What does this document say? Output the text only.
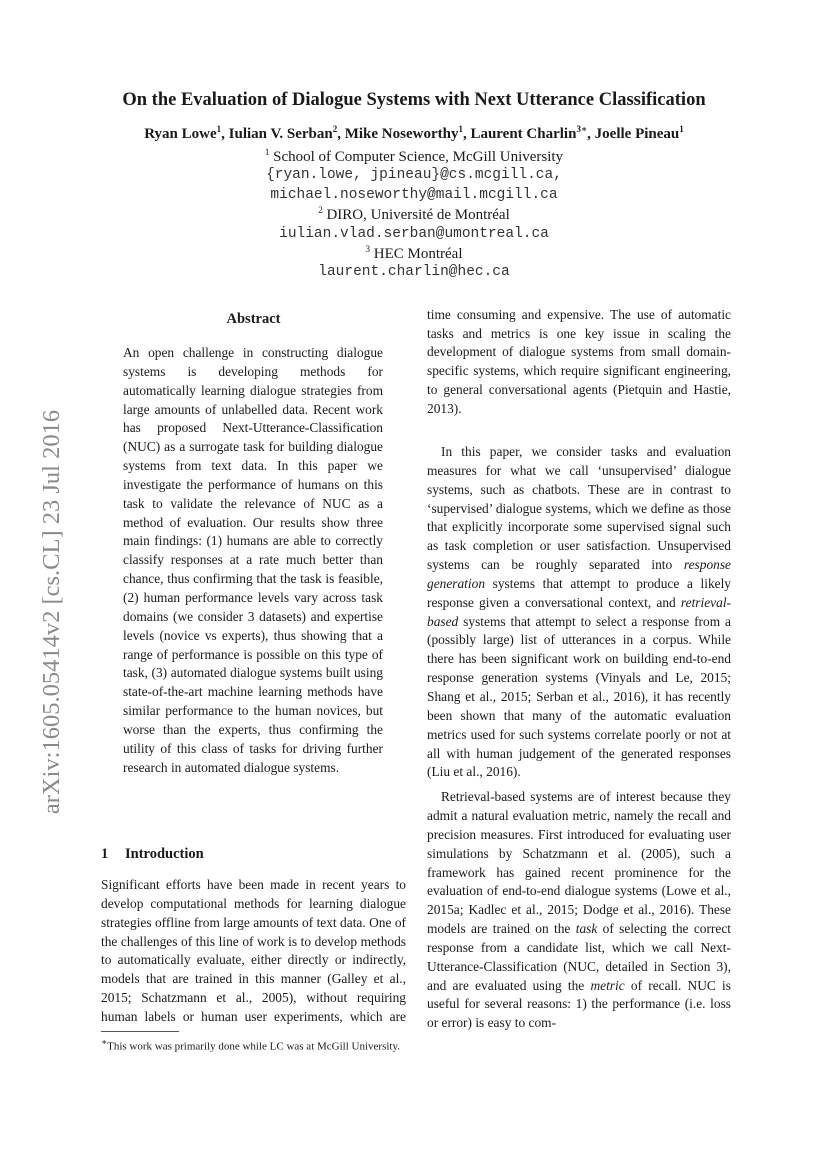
arXiv:1605.05414v2 [cs.CL] 23 Jul 2016
On the Evaluation of Dialogue Systems with Next Utterance Classification
Ryan Lowe$^1$, Iulian V. Serban$^2$, Mike Noseworthy$^1$, Laurent Charlin$^{3∗}$, Joelle Pineau$^1$
$^1$ School of Computer Science, McGill University
{ryan.lowe, jpineau}@cs.mcgill.ca,
michael.noseworthy@mail.mcgill.ca
$^2$ DIRO, Université de Montréal
iulian.vlad.serban@umontreal.ca
$^3$ HEC Montréal
laurent.charlin@hec.ca
Abstract
An open challenge in constructing dialogue systems is developing methods for automatically learning dialogue strategies from large amounts of unlabelled data. Recent work has proposed Next-Utterance-Classification (NUC) as a surrogate task for building dialogue systems from text data. In this paper we investigate the performance of humans on this task to validate the relevance of NUC as a method of evaluation. Our results show three main findings: (1) humans are able to correctly classify responses at a rate much better than chance, thus confirming that the task is feasible, (2) human performance levels vary across task domains (we consider 3 datasets) and expertise levels (novice vs experts), thus showing that a range of performance is possible on this type of task, (3) automated dialogue systems built using state-of-the-art machine learning methods have similar performance to the human novices, but worse than the experts, thus confirming the utility of this class of tasks for driving further research in automated dialogue systems.
1 Introduction

Significant efforts have been made in recent years to develop computational methods for learning dialogue strategies offline from large amounts of text data. One of the challenges of this line of work is to develop methods to automatically evaluate, either directly or indirectly, models that are trained in this manner (Galley et al., 2015; Schatzmann et al., 2005), without requiring human labels or human user experiments, which are

∗This work was primarily done while LC was at McGill University.

time consuming and expensive. The use of automatic tasks and metrics is one key issue in scaling the development of dialogue systems from small domain-specific systems, which require significant engineering, to general conversational agents (Pietquin and Hastie, 2013).

In this paper, we consider tasks and evaluation measures for what we call ‘unsupervised’ dialogue systems, such as chatbots. These are in contrast to ‘supervised’ dialogue systems, which we define as those that explicitly incorporate some supervised signal such as task completion or user satisfaction. Unsupervised systems can be roughly separated into response generation systems that attempt to produce a likely response given a conversational context, and retrieval-based systems that attempt to select a response from a (possibly large) list of utterances in a corpus. While there has been significant work on building end-to-end response generation systems (Vinyals and Le, 2015; Shang et al., 2015; Serban et al., 2016), it has recently been shown that many of the automatic evaluation metrics used for such systems correlate poorly or not at all with human judgement of the generated responses (Liu et al., 2016).

Retrieval-based systems are of interest because they admit a natural evaluation metric, namely the recall and precision measures. First introduced for evaluating user simulations by Schatzmann et al. (2005), such a framework has gained recent prominence for the evaluation of end-to-end dialogue systems (Lowe et al., 2015a; Kadlec et al., 2015; Dodge et al., 2016). These models are trained on the task of selecting the correct response from a candidate list, which we call Next-Utterance-Classification (NUC, detailed in Section 3), and are evaluated using the metric of recall. NUC is useful for several reasons: 1) the performance (i.e. loss or error) is easy to com-
